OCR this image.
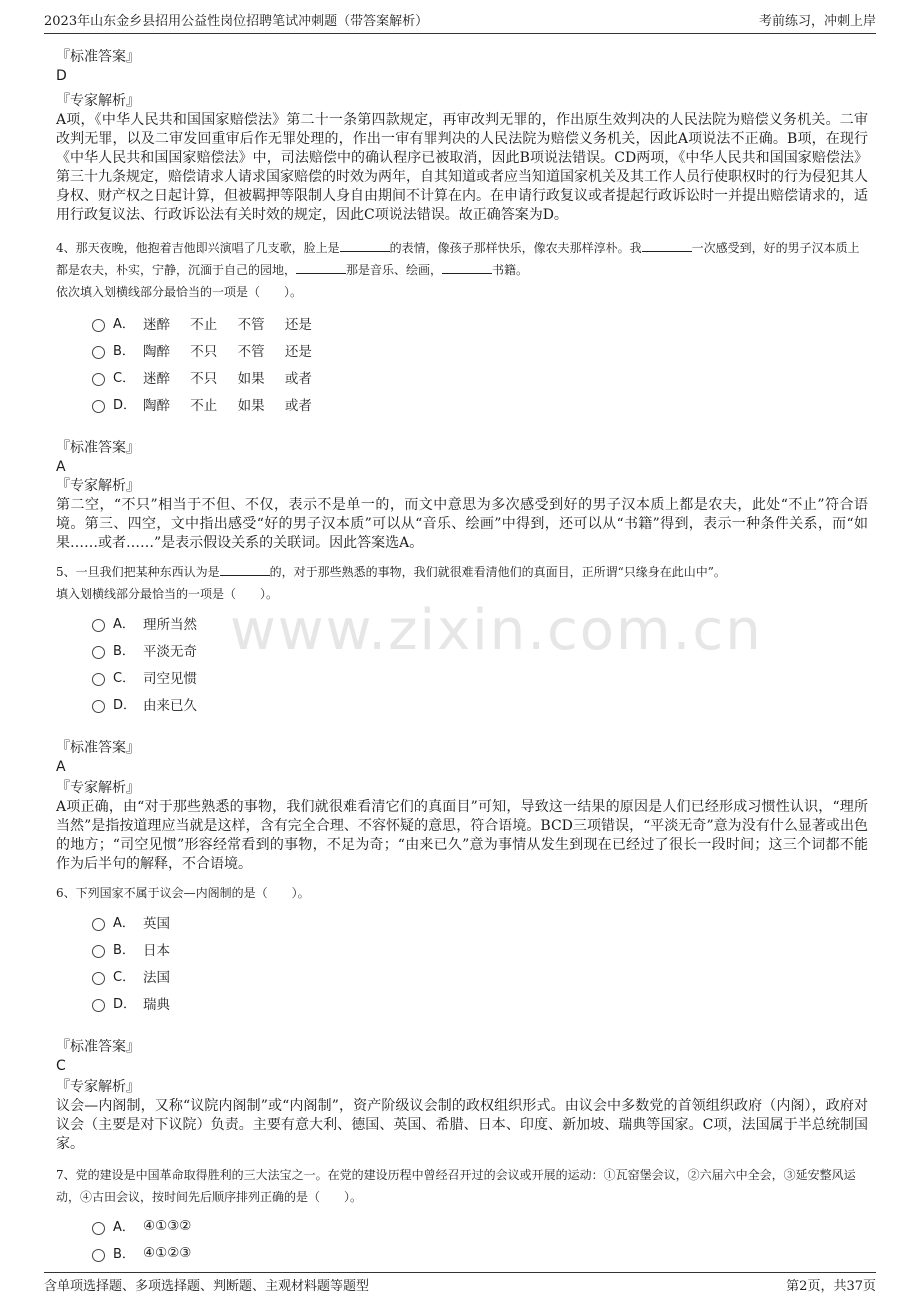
2023年山东金乡县招用公益性岗位招聘笔试冲刺题（带答案解析）	考前练习，冲刺上岸
www.zixin.com.cn
『标准答案』
D
『专家解析』
A项，《中华人民共和国国家赔偿法》第二十一条第四款规定，再审改判无罪的，作出原生效判决的人民法院为赔偿义务机关。二审改判无罪，以及二审发回重审后作无罪处理的，作出一审有罪判决的人民法院为赔偿义务机关，因此A项说法不正确。B项，在现行《中华人民共和国国家赔偿法》中，司法赔偿中的确认程序已被取消，因此B项说法错误。CD两项，《中华人民共和国国家赔偿法》第三十九条规定，赔偿请求人请求国家赔偿的时效为两年，自其知道或者应当知道国家机关及其工作人员行使职权时的行为侵犯其人身权、财产权之日起计算，但被羁押等限制人身自由期间不计算在内。在申请行政复议或者提起行政诉讼时一并提出赔偿请求的，适用行政复议法、行政诉讼法有关时效的规定，因此C项说法错误。故正确答案为D。
4、那天夜晚，他抱着吉他即兴演唱了几支歌，脸上是	的表情，像孩子那样快乐，像农夫那样淳朴。我	一次感受到，好的男子汉本质上都是农夫，朴实，宁静，沉湎于自己的园地，	那是音乐、绘画，	书籍。
依次填入划横线部分最恰当的一项是（　　）。
A． 迷醉 不止 不管 还是
B． 陶醉 不只 不管 还是
C． 迷醉 不只 如果 或者
D． 陶醉 不止 如果 或者
『标准答案』
A
『专家解析』
第二空，“不只”相当于不但、不仅，表示不是单一的，而文中意思为多次感受到好的男子汉本质上都是农夫，此处“不止”符合语境。第三、四空，文中指出感受“好的男子汉本质”可以从“音乐、绘画”中得到，还可以从“书籍”得到，表示一种条件关系，而“如果……或者……”是表示假设关系的关联词。因此答案选A。
5、一旦我们把某种东西认为是	的，对于那些熟悉的事物，我们就很难看清他们的真面目，正所谓“只缘身在此山中”。
填入划横线部分最恰当的一项是（　　）。
A． 理所当然
B． 平淡无奇
C． 司空见惯
D． 由来已久
『标准答案』
A
『专家解析』
A项正确，由“对于那些熟悉的事物，我们就很难看清它们的真面目”可知，导致这一结果的原因是人们已经形成习惯性认识，“理所当然”是指按道理应当就是这样，含有完全合理、不容怀疑的意思，符合语境。BCD三项错误，“平淡无奇”意为没有什么显著或出色的地方；“司空见惯”形容经常看到的事物，不足为奇；“由来已久”意为事情从发生到现在已经过了很长一段时间；这三个词都不能作为后半句的解释，不合语境。
6、下列国家不属于议会—内阁制的是（　　）。
A． 英国
B． 日本
C． 法国
D． 瑞典
『标准答案』
C
『专家解析』
议会—内阁制，又称“议院内阁制”或“内阁制”，资产阶级议会制的政权组织形式。由议会中多数党的首领组织政府（内阁），政府对议会（主要是对下议院）负责。主要有意大利、德国、英国、希腊、日本、印度、新加坡、瑞典等国家。C项，法国属于半总统制国家。
7、党的建设是中国革命取得胜利的三大法宝之一。在党的建设历程中曾经召开过的会议或开展的运动：①瓦窑堡会议，②六届六中全会，③延安整风运动，④古田会议，按时间先后顺序排列正确的是（　　）。
A． ④①③②
B． ④①②③
含单项选择题、多项选择题、判断题、主观材料题等题型	第2页，共37页
